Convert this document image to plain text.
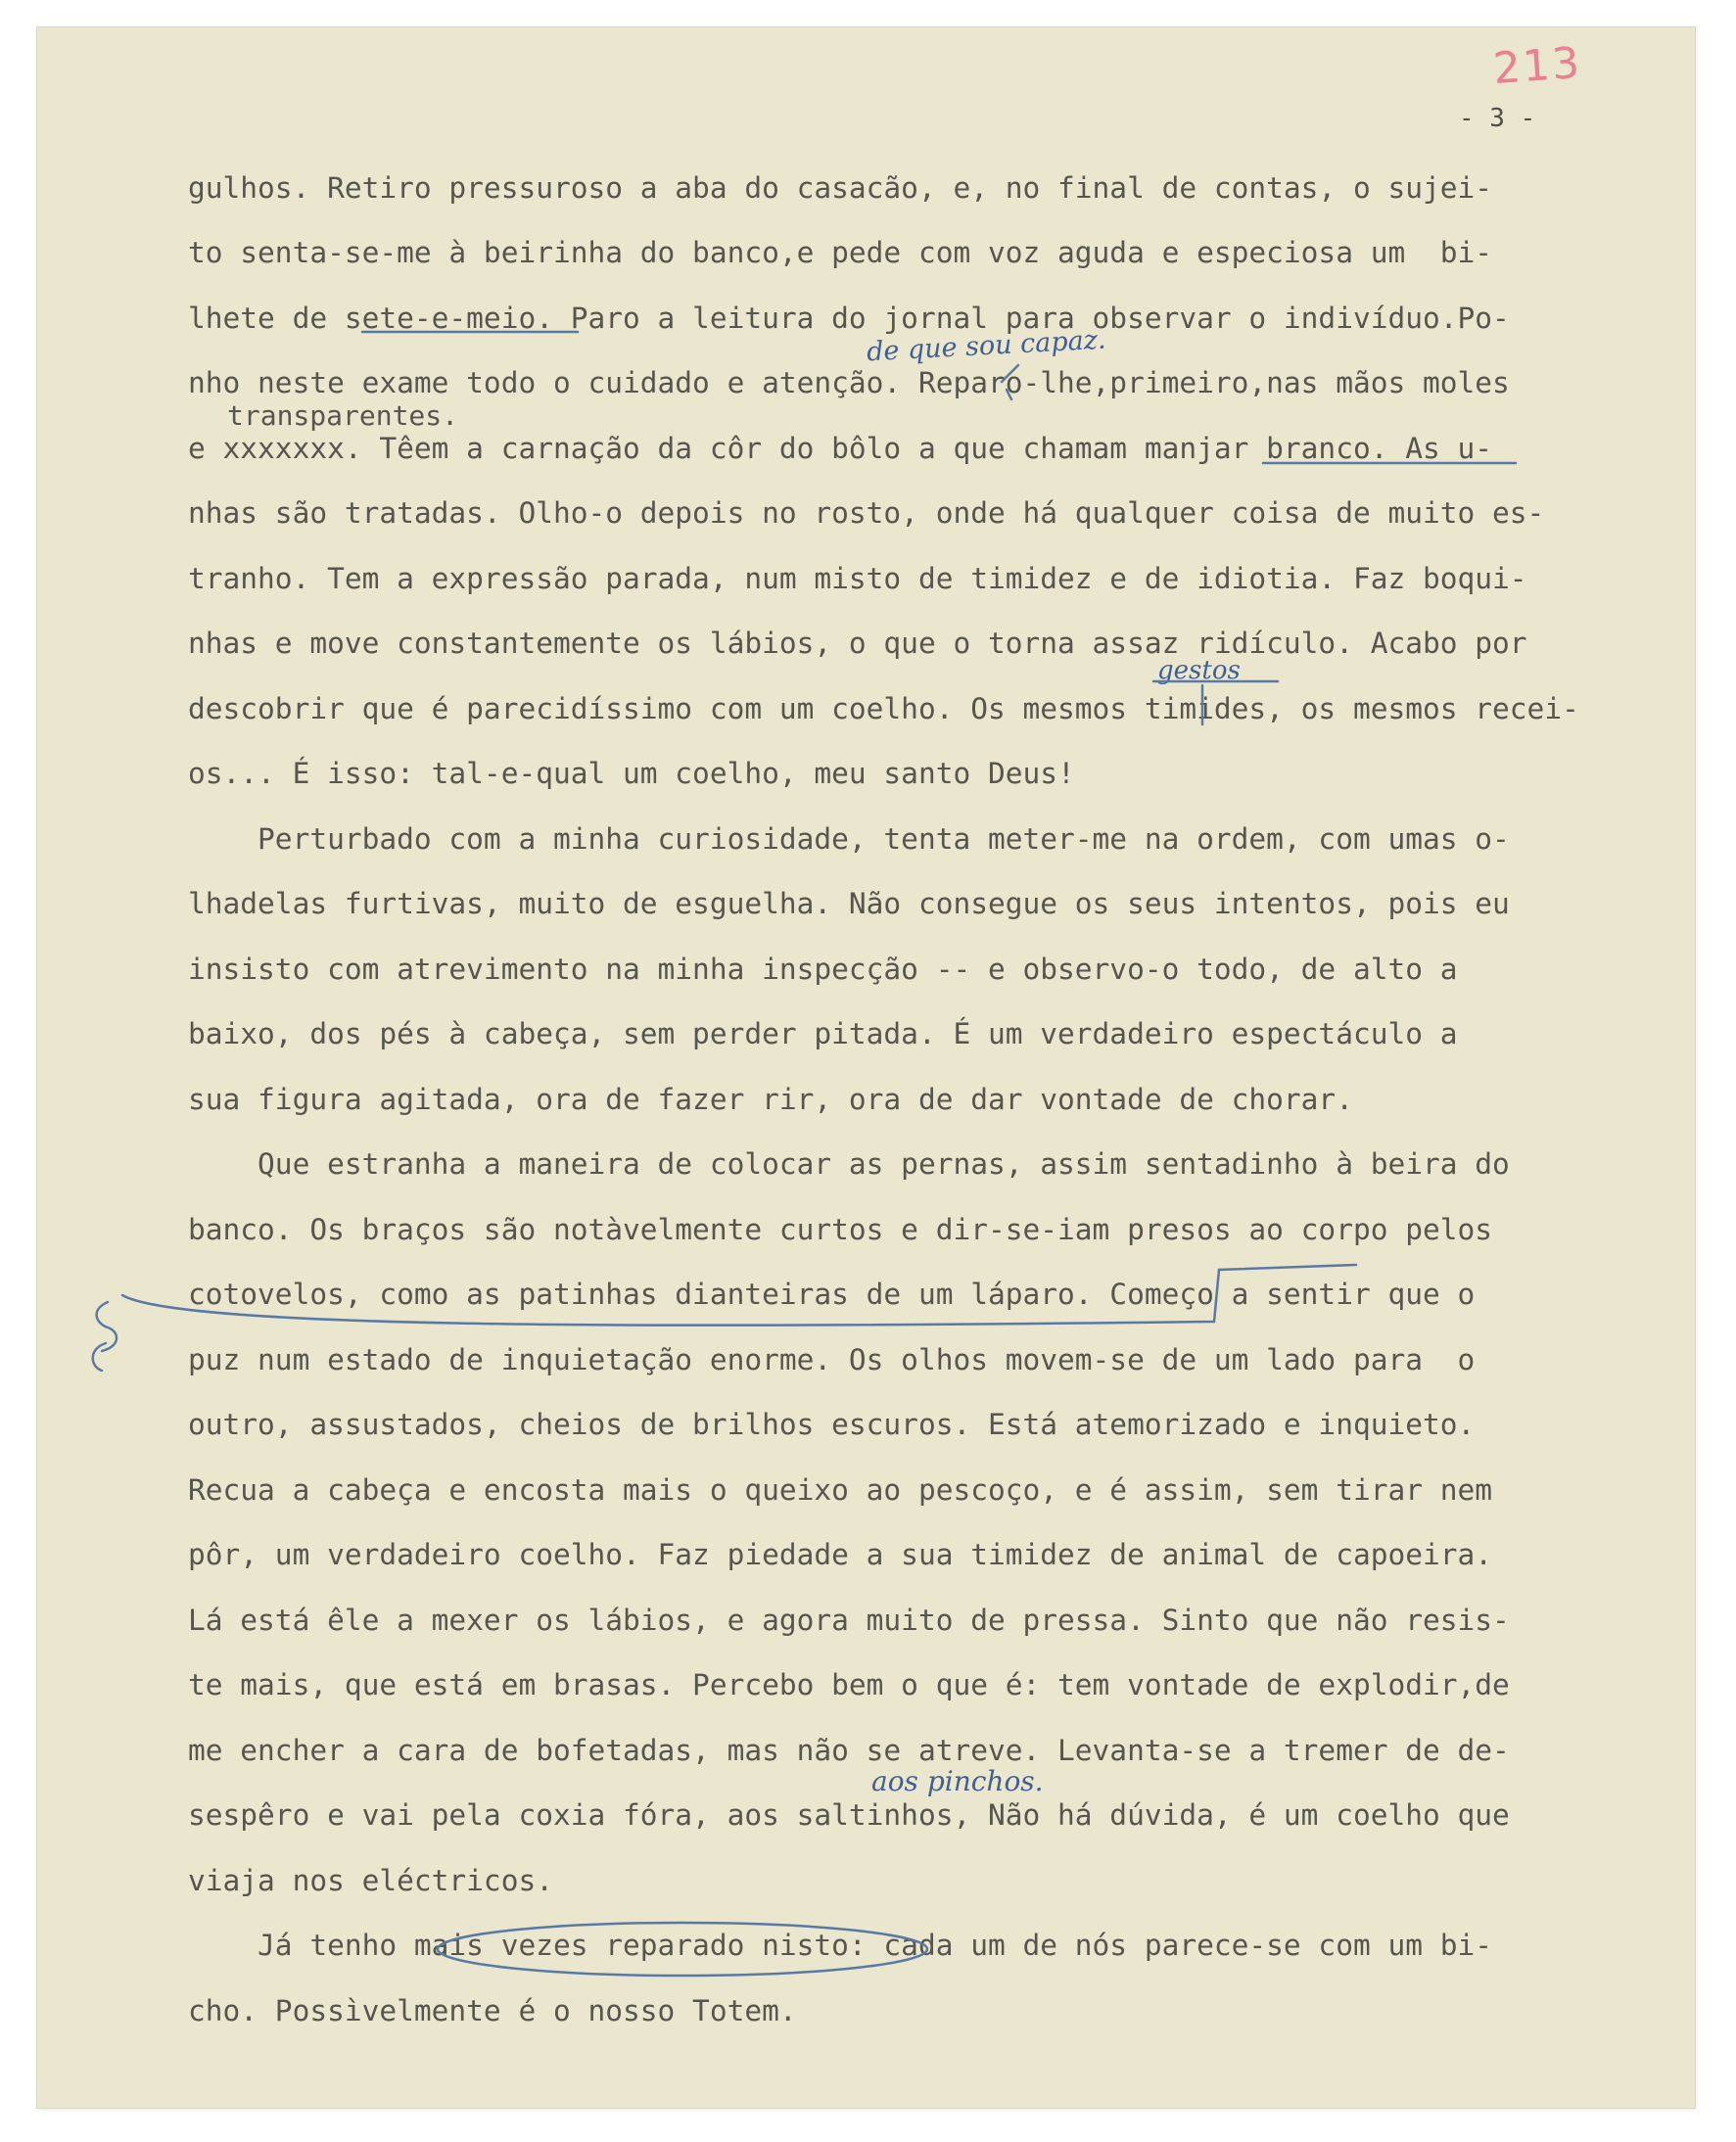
213
- 3 -
gulhos. Retiro pressuroso a aba do casacão, e, no final de contas, o sujei-
to senta-se-me à beirinha do banco,e pede com voz aguda e especiosa um  bi-
lhete de sete-e-meio. Paro a leitura do jornal para observar o indivíduo.Po-
nho neste exame todo o cuidado e atenção. Reparo-lhe,primeiro,nas mãos moles
transparentes.
e xxxxxxx. Têem a carnação da côr do bôlo a que chamam manjar branco. As u-
nhas são tratadas. Olho-o depois no rosto, onde há qualquer coisa de muito es-
tranho. Tem a expressão parada, num misto de timidez e de idiotia. Faz boqui-
nhas e move constantemente os lábios, o que o torna assaz ridículo. Acabo por
descobrir que é parecidíssimo com um coelho. Os mesmos timides, os mesmos recei-
os... É isso: tal-e-qual um coelho, meu santo Deus!
Perturbado com a minha curiosidade, tenta meter-me na ordem, com umas o-
lhadelas furtivas, muito de esguelha. Não consegue os seus intentos, pois eu
insisto com atrevimento na minha inspecção -- e observo-o todo, de alto a
baixo, dos pés à cabeça, sem perder pitada. É um verdadeiro espectáculo a
sua figura agitada, ora de fazer rir, ora de dar vontade de chorar.
Que estranha a maneira de colocar as pernas, assim sentadinho à beira do
banco. Os braços são notàvelmente curtos e dir-se-iam presos ao corpo pelos
cotovelos, como as patinhas dianteiras de um láparo. Começo a sentir que o
puz num estado de inquietação enorme. Os olhos movem-se de um lado para  o
outro, assustados, cheios de brilhos escuros. Está atemorizado e inquieto.
Recua a cabeça e encosta mais o queixo ao pescoço, e é assim, sem tirar nem
pôr, um verdadeiro coelho. Faz piedade a sua timidez de animal de capoeira.
Lá está êle a mexer os lábios, e agora muito de pressa. Sinto que não resis-
te mais, que está em brasas. Percebo bem o que é: tem vontade de explodir,de
me encher a cara de bofetadas, mas não se atreve. Levanta-se a tremer de de-
sespêro e vai pela coxia fóra, aos saltinhos, Não há dúvida, é um coelho que
viaja nos eléctricos.
Já tenho mais vezes reparado nisto: cada um de nós parece-se com um bi-
cho. Possìvelmente é o nosso Totem.
de que sou capaz.
gestos
aos pinchos.
